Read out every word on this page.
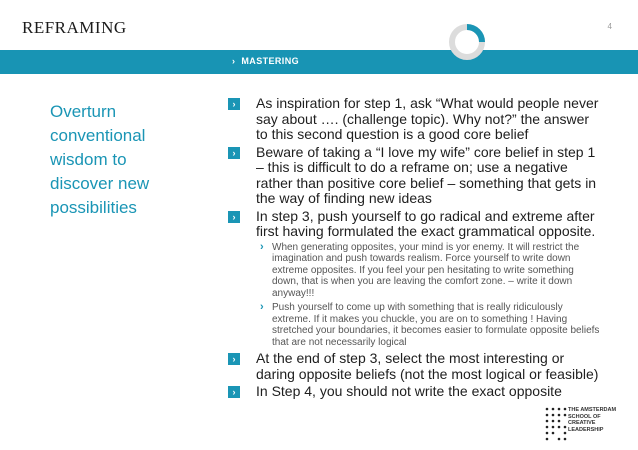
REFRAMING	4
› MASTERING
Overturn conventional wisdom to discover new possibilities
›	As inspiration for step 1, ask “What would people never say about …. (challenge topic). Why not?” the answer to this second question is a good core belief
›	Beware of taking a “I love my wife” core belief in step 1 – this is difficult to do a reframe on; use a negative rather than positive core belief – something that gets in the way of finding new ideas
›	In step 3, push yourself to go radical and extreme after first having formulated the exact grammatical opposite.
› When generating opposites, your mind is yor enemy. It will restrict the imagination and push towards realism. Force yourself to write down extreme opposites. If you feel your pen hesitating to write something down, that is when you are leaving the comfort zone. – write it down anyway!!!
› Push yourself to come up with something that is really ridiculously extreme. If it makes you chuckle, you are on to something ! Having stretched your boundaries, it becomes easier to formulate opposite beliefs that are not necessarily logical
›	At the end of step 3, select the most interesting or daring opposite beliefs (not the most logical or feasible)
›	In Step 4, you should not write the exact opposite
THE AMSTERDAM
SCHOOL OF
CREATIVE
LEADERSHIP
